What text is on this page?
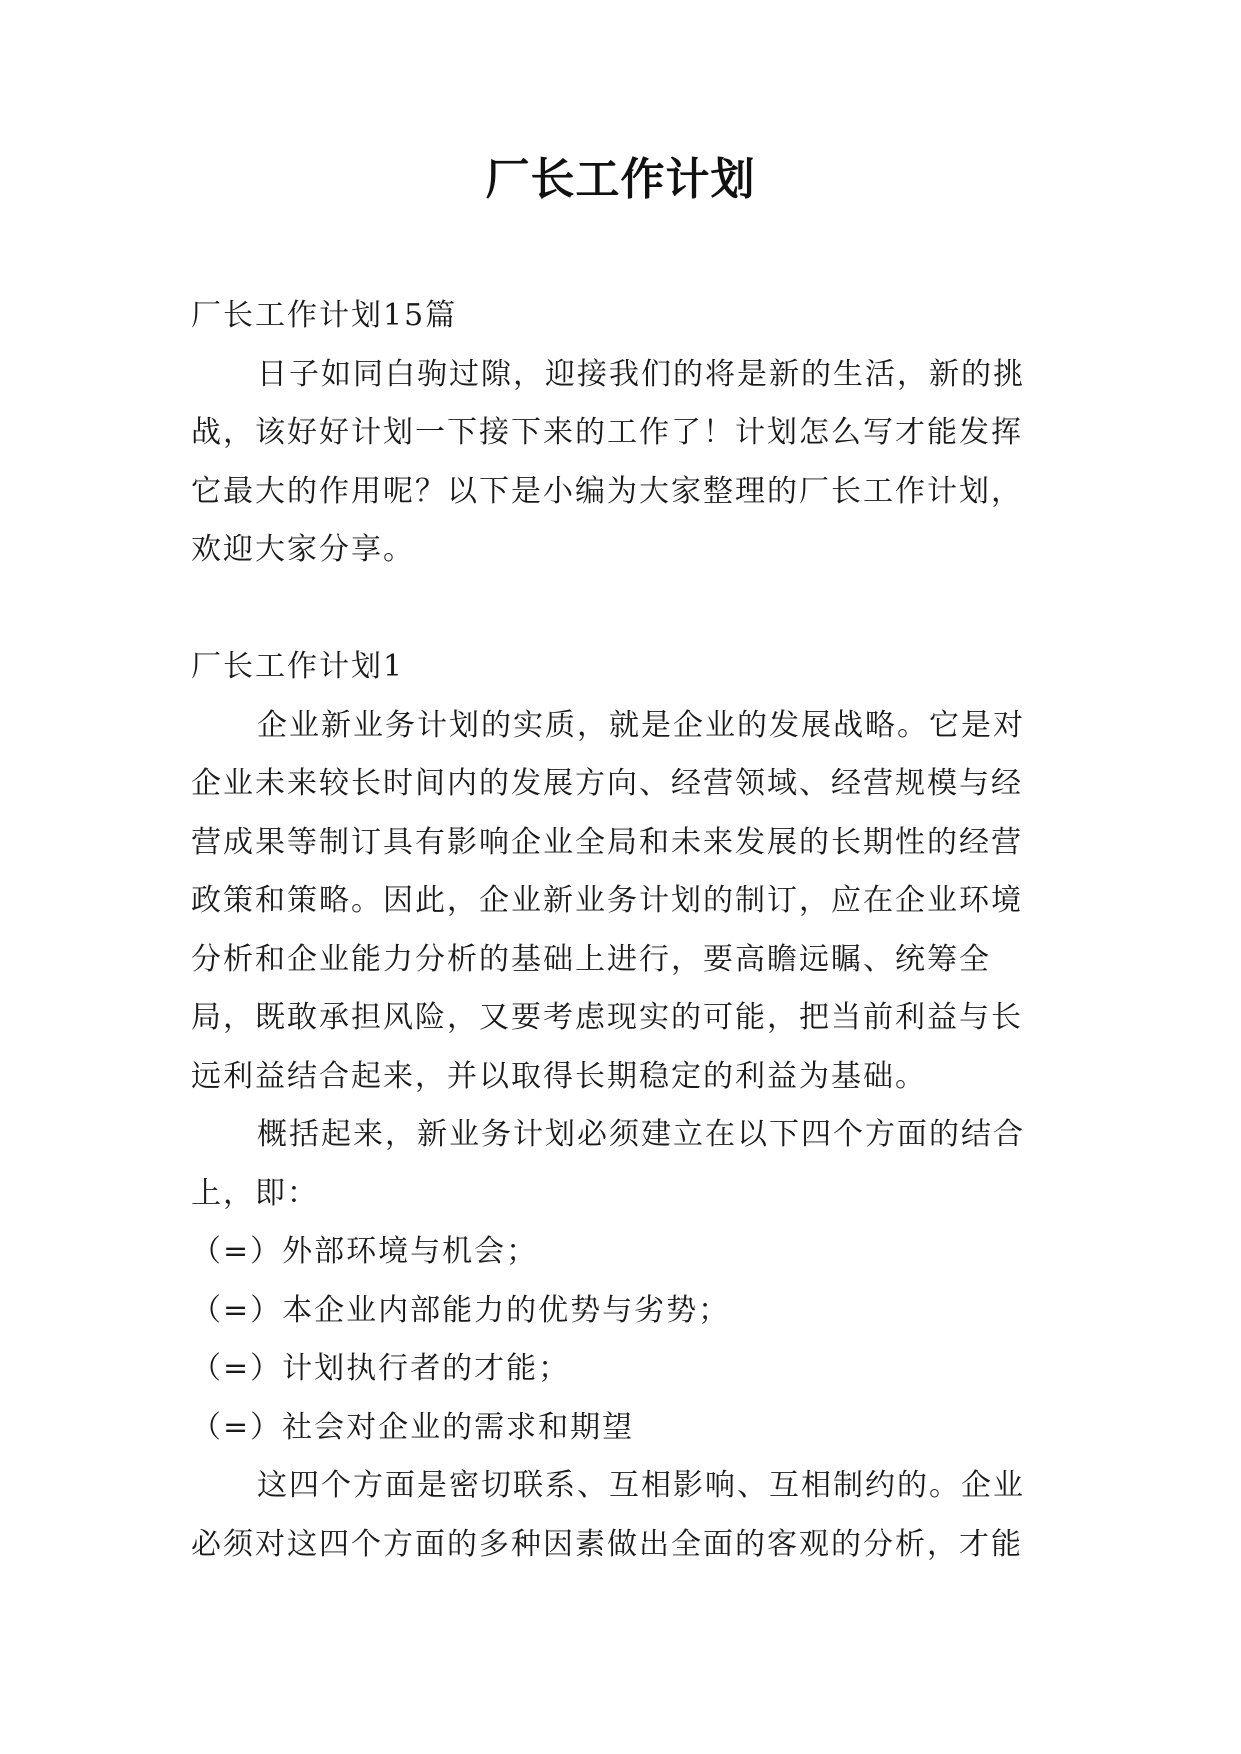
厂长工作计划

厂长工作计划15篇

日子如同白驹过隙，迎接我们的将是新的生活，新的挑战，该好好计划一下接下来的工作了！计划怎么写才能发挥它最大的作用呢？以下是小编为大家整理的厂长工作计划，欢迎大家分享。

厂长工作计划1

企业新业务计划的实质，就是企业的发展战略。它是对企业未来较长时间内的发展方向、经营领域、经营规模与经营成果等制订具有影响企业全局和未来发展的长期性的经营政策和策略。因此，企业新业务计划的制订，应在企业环境分析和企业能力分析的基础上进行，要高瞻远瞩、统筹全局，既敢承担风险，又要考虑现实的可能，把当前利益与长远利益结合起来，并以取得长期稳定的利益为基础。

概括起来，新业务计划必须建立在以下四个方面的结合上，即：

（=）外部环境与机会；

（=）本企业内部能力的优势与劣势；

（=）计划执行者的才能；

（=）社会对企业的需求和期望

这四个方面是密切联系、互相影响、互相制约的。企业必须对这四个方面的多种因素做出全面的客观的分析，才能
